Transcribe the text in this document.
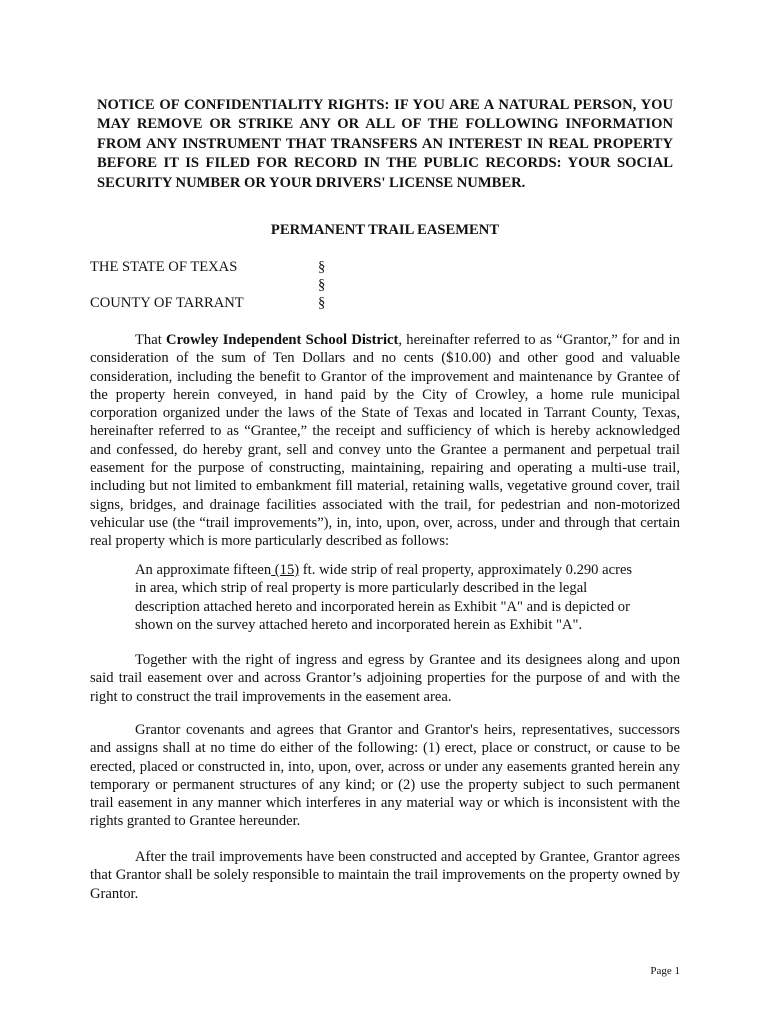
NOTICE OF CONFIDENTIALITY RIGHTS: IF YOU ARE A NATURAL PERSON, YOU MAY REMOVE OR STRIKE ANY OR ALL OF THE FOLLOWING INFORMATION FROM ANY INSTRUMENT THAT TRANSFERS AN INTEREST IN REAL PROPERTY BEFORE IT IS FILED FOR RECORD IN THE PUBLIC RECORDS: YOUR SOCIAL SECURITY NUMBER OR YOUR DRIVERS' LICENSE NUMBER.

PERMANENT TRAIL EASEMENT

THE STATE OF TEXAS

COUNTY OF TARRANT

§

§

§

That Crowley Independent School District, hereinafter referred to as “Grantor,” for and in consideration of the sum of Ten Dollars and no cents ($10.00) and other good and valuable consideration, including the benefit to Grantor of the improvement and maintenance by Grantee of the property herein conveyed, in hand paid by the City of Crowley, a home rule municipal corporation organized under the laws of the State of Texas and located in Tarrant County, Texas, hereinafter referred to as “Grantee,” the receipt and sufficiency of which is hereby acknowledged and confessed, do hereby grant, sell and convey unto the Grantee a permanent and perpetual trail easement for the purpose of constructing, maintaining, repairing and operating a multi-use trail, including but not limited to embankment fill material, retaining walls, vegetative ground cover, trail signs, bridges, and drainage facilities associated with the trail, for pedestrian and non-motorized vehicular use (the “trail improvements”), in, into, upon, over, across, under and through that certain real property which is more particularly described as follows:

An approximate fifteen (15) ft. wide strip of real property, approximately 0.290 acres in area, which strip of real property is more particularly described in the legal description attached hereto and incorporated herein as Exhibit "A" and is depicted or shown on the survey attached hereto and incorporated herein as Exhibit "A".

Together with the right of ingress and egress by Grantee and its designees along and upon said trail easement over and across Grantor’s adjoining properties for the purpose of and with the right to construct the trail improvements in the easement area.

Grantor covenants and agrees that Grantor and Grantor's heirs, representatives, successors and assigns shall at no time do either of the following: (1) erect, place or construct, or cause to be erected, placed or constructed in, into, upon, over, across or under any easements granted herein any temporary or permanent structures of any kind; or (2) use the property subject to such permanent trail easement in any manner which interferes in any material way or which is inconsistent with the rights granted to Grantee hereunder.

After the trail improvements have been constructed and accepted by Grantee, Grantor agrees that Grantor shall be solely responsible to maintain the trail improvements on the property owned by Grantor.

Page 1
